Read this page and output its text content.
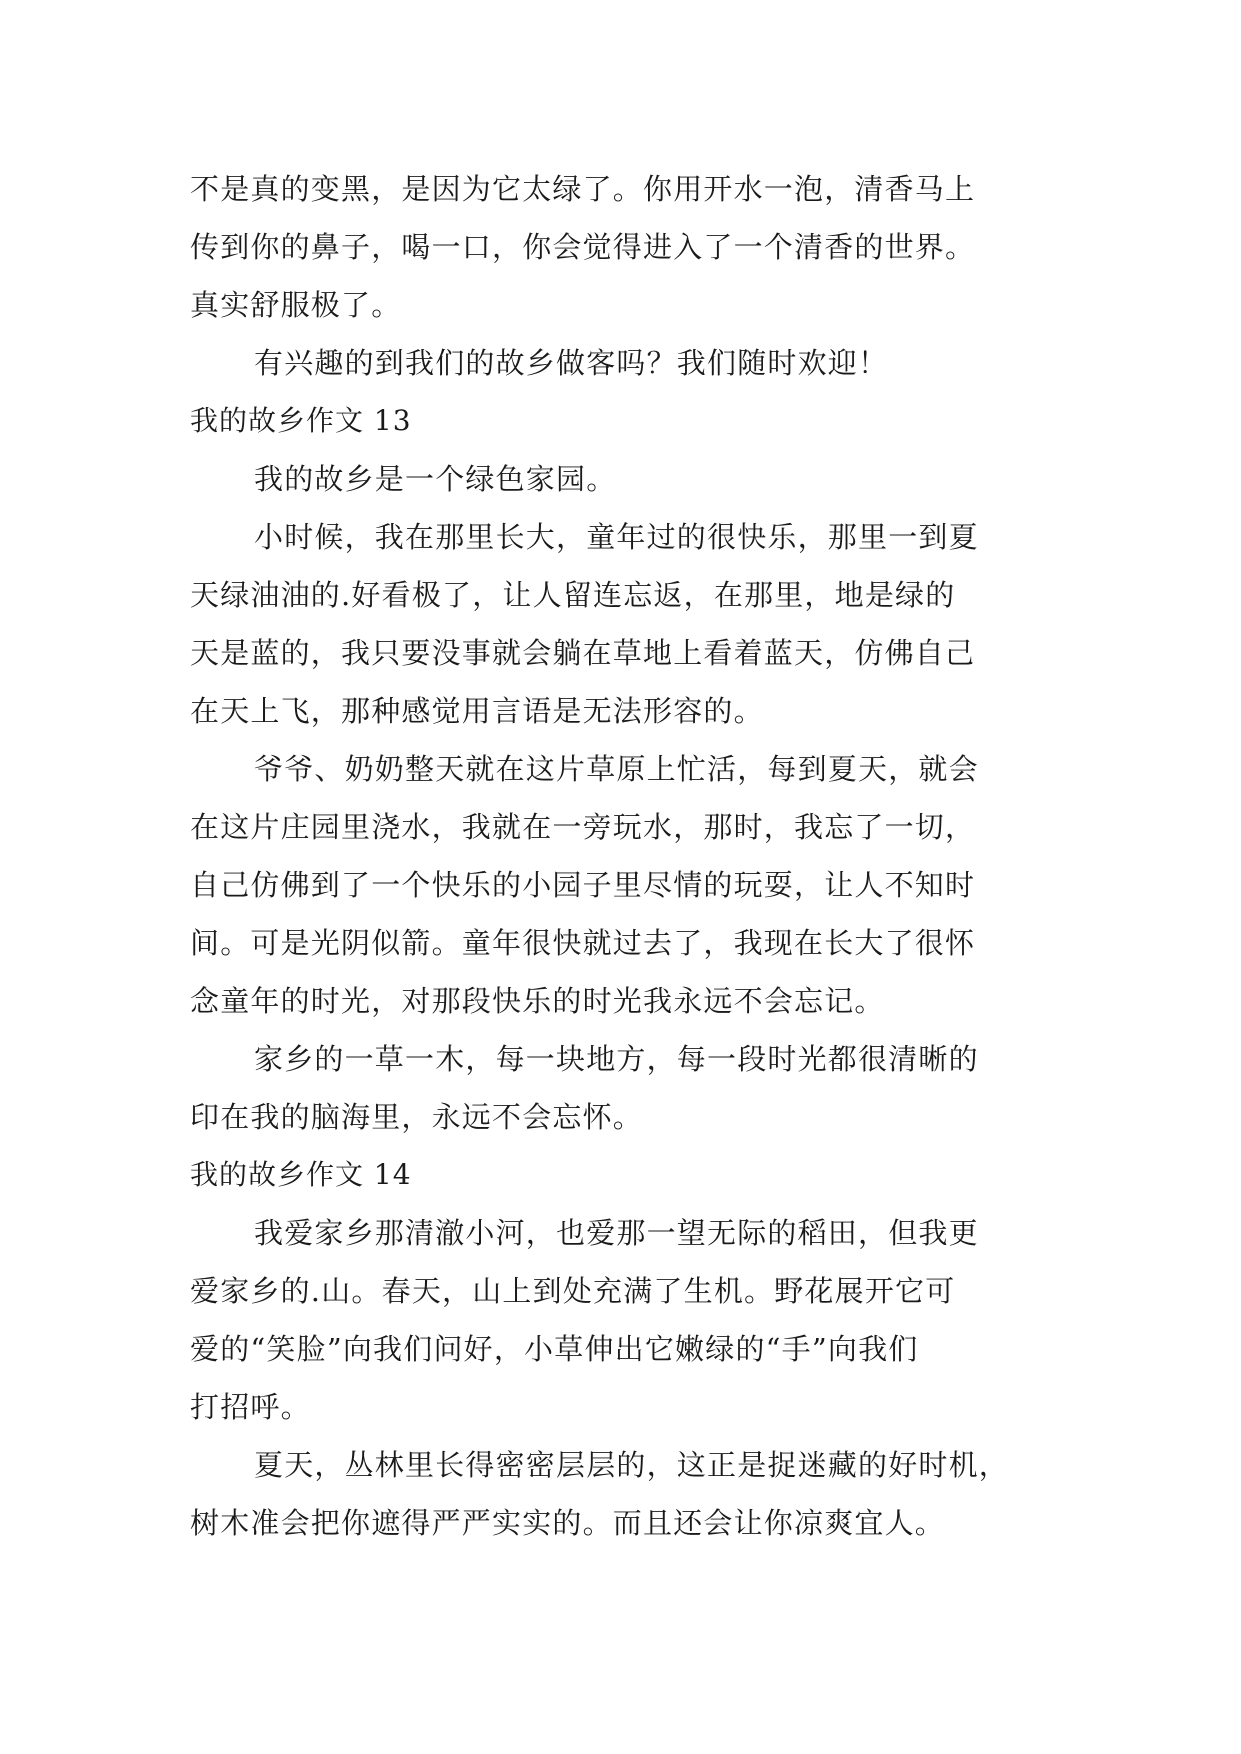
不是真的变黑，是因为它太绿了。你用开水一泡，清香马上
传到你的鼻子，喝一口，你会觉得进入了一个清香的世界。
真实舒服极了。
有兴趣的到我们的故乡做客吗？我们随时欢迎！
我的故乡作文 13
我的故乡是一个绿色家园。
小时候，我在那里长大，童年过的很快乐，那里一到夏
天绿油油的.好看极了，让人留连忘返，在那里，地是绿的
天是蓝的，我只要没事就会躺在草地上看着蓝天，仿佛自己
在天上飞，那种感觉用言语是无法形容的。
爷爷、奶奶整天就在这片草原上忙活，每到夏天，就会
在这片庄园里浇水，我就在一旁玩水，那时，我忘了一切，
自己仿佛到了一个快乐的小园子里尽情的玩耍，让人不知时
间。可是光阴似箭。童年很快就过去了，我现在长大了很怀
念童年的时光，对那段快乐的时光我永远不会忘记。
家乡的一草一木，每一块地方，每一段时光都很清晰的
印在我的脑海里，永远不会忘怀。
我的故乡作文 14
我爱家乡那清澈小河，也爱那一望无际的稻田，但我更
爱家乡的.山。春天，山上到处充满了生机。野花展开它可
爱的“笑脸”向我们问好，小草伸出它嫩绿的“手”向我们
打招呼。
夏天，丛林里长得密密层层的，这正是捉迷藏的好时机，
树木准会把你遮得严严实实的。而且还会让你凉爽宜人。
